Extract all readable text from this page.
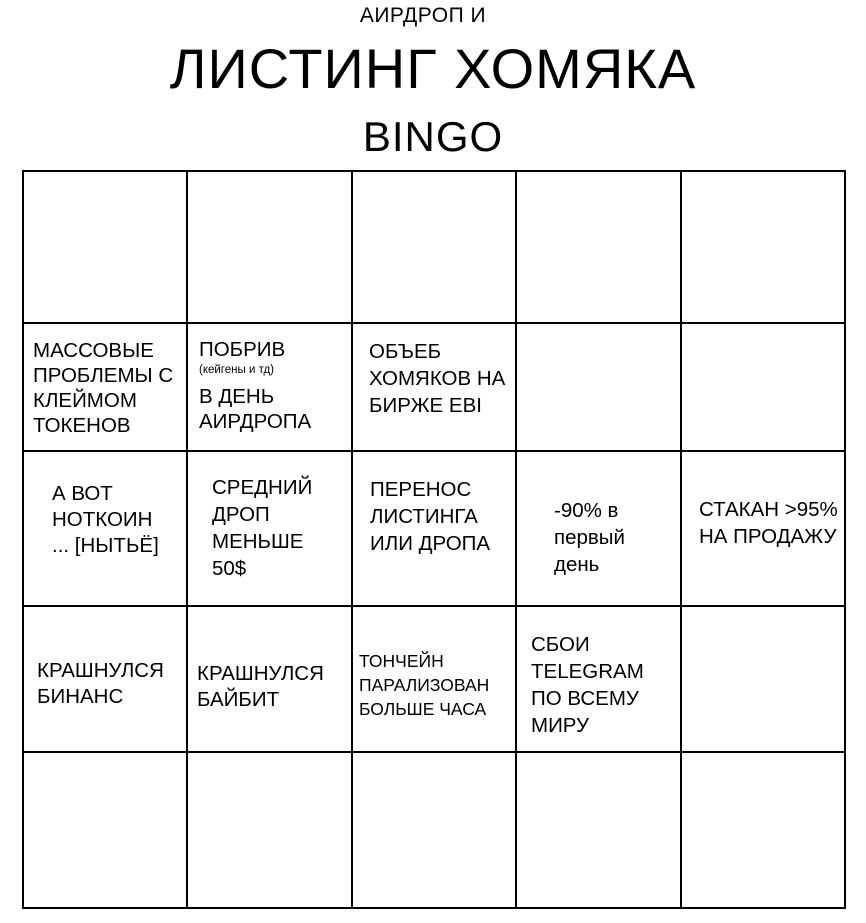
АИРДРОП И
ЛИСТИНГ ХОМЯКА
BINGO
МАССОВЫЕ ПРОБЛЕМЫ С КЛЕЙМОМ ТОКЕНОВ
ПОБРИВ
(кейгены и тд)
В ДЕНЬ АИРДРОПА
ОБЪЕБ ХОМЯКОВ НА БИРЖЕ EBI
А ВОТ НОТКОИН ... [НЫТЬЁ]
СРЕДНИЙ ДРОП МЕНЬШЕ 50$
ПЕРЕНОС ЛИСТИНГА ИЛИ ДРОПА
-90% в первый день
СТАКАН >95% НА ПРОДАЖУ
КРАШНУЛСЯ БИНАНС
КРАШНУЛСЯ БАЙБИТ
ТОНЧЕЙН ПАРАЛИЗОВАН БОЛЬШЕ ЧАСА
СБОИ TELEGRAM ПО ВСЕМУ МИРУ
